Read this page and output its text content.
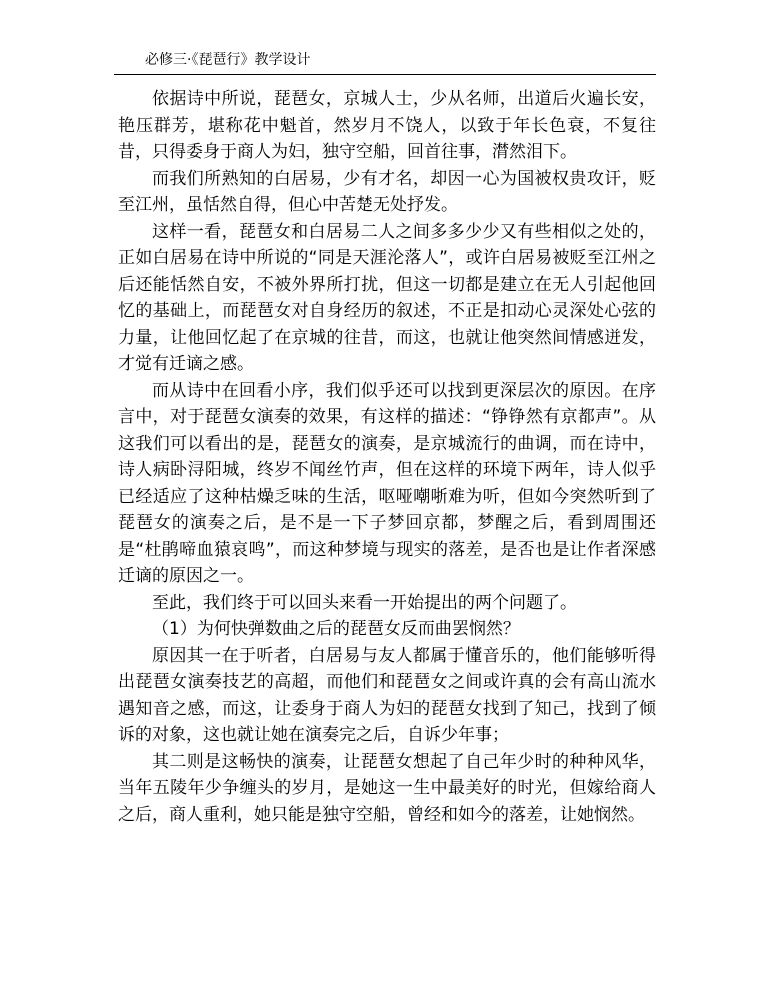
必修三·《琵琶行》教学设计

依据诗中所说，琵琶女，京城人士，少从名师，出道后火遍长安，艳压群芳，堪称花中魁首，然岁月不饶人，以致于年长色衰，不复往昔，只得委身于商人为妇，独守空船，回首往事，潸然泪下。

而我们所熟知的白居易，少有才名，却因一心为国被权贵攻讦，贬至江州，虽恬然自得，但心中苦楚无处抒发。

这样一看，琵琶女和白居易二人之间多多少少又有些相似之处的，正如白居易在诗中所说的“同是天涯沦落人”，或许白居易被贬至江州之后还能恬然自安，不被外界所打扰，但这一切都是建立在无人引起他回忆的基础上，而琵琶女对自身经历的叙述，不正是扣动心灵深处心弦的力量，让他回忆起了在京城的往昔，而这，也就让他突然间情感迸发，才觉有迁谪之感。

而从诗中在回看小序，我们似乎还可以找到更深层次的原因。在序言中，对于琵琶女演奏的效果，有这样的描述：“铮铮然有京都声”。从这我们可以看出的是，琵琶女的演奏，是京城流行的曲调，而在诗中，诗人病卧浔阳城，终岁不闻丝竹声，但在这样的环境下两年，诗人似乎已经适应了这种枯燥乏味的生活，呕哑嘲哳难为听，但如今突然听到了琵琶女的演奏之后，是不是一下子梦回京都，梦醒之后，看到周围还是“杜鹃啼血猿哀鸣”，而这种梦境与现实的落差，是否也是让作者深感迁谪的原因之一。

至此，我们终于可以回头来看一开始提出的两个问题了。

（1）为何快弹数曲之后的琵琶女反而曲罢悯然？

原因其一在于听者，白居易与友人都属于懂音乐的，他们能够听得出琵琶女演奏技艺的高超，而他们和琵琶女之间或许真的会有高山流水遇知音之感，而这，让委身于商人为妇的琵琶女找到了知己，找到了倾诉的对象，这也就让她在演奏完之后，自诉少年事；

其二则是这畅快的演奏，让琵琶女想起了自己年少时的种种风华，当年五陵年少争缠头的岁月，是她这一生中最美好的时光，但嫁给商人之后，商人重利，她只能是独守空船，曾经和如今的落差，让她悯然。
